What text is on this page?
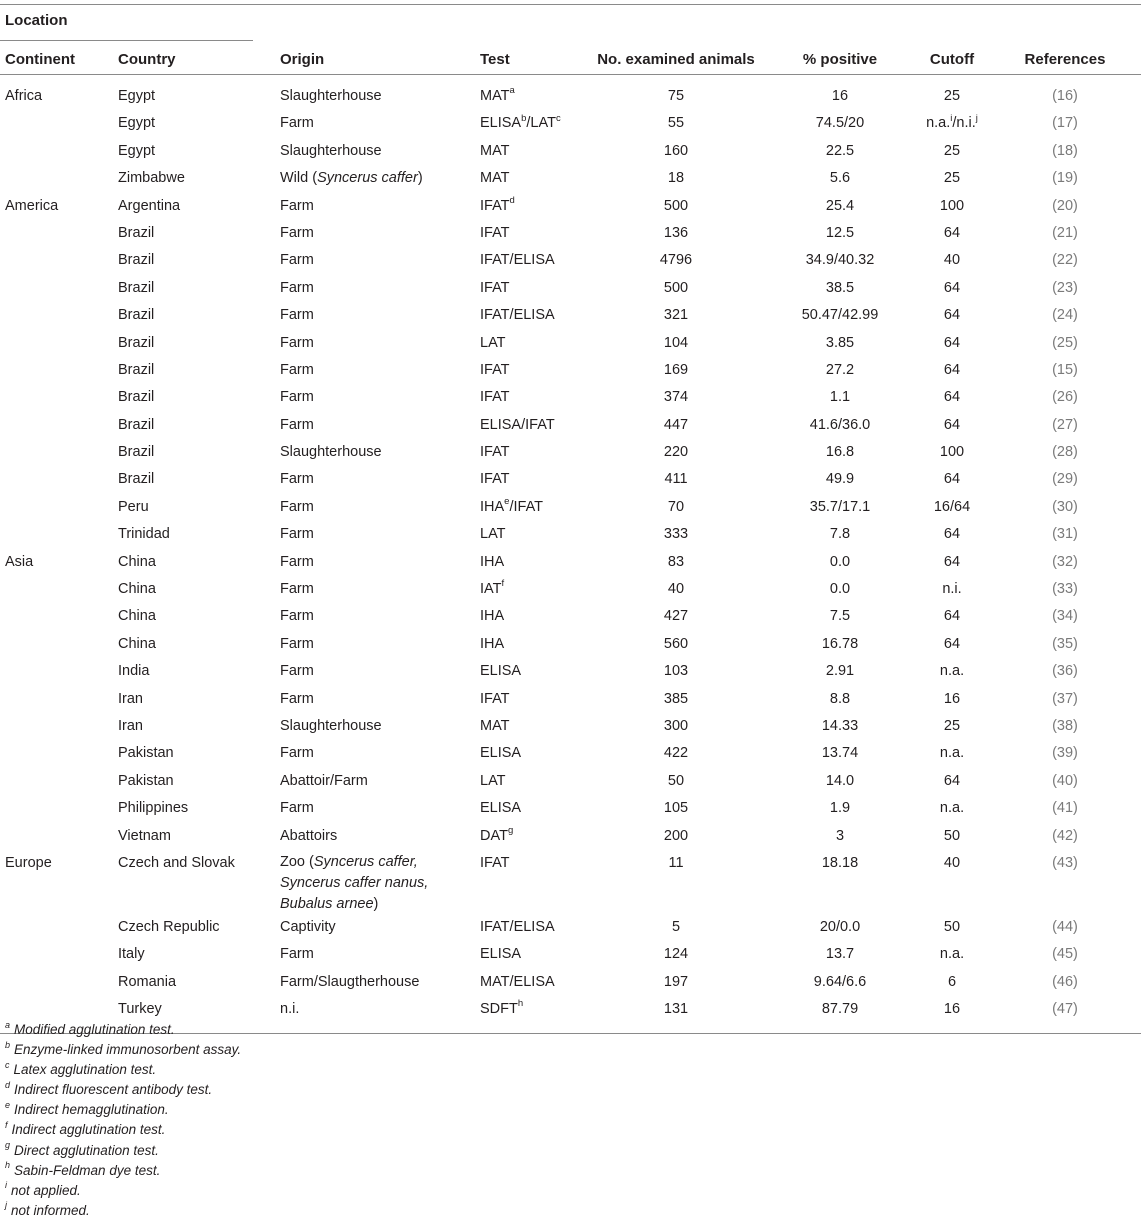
Location
Continent	Country	Origin	Test	No. examined animals	% positive	Cutoff	References
Africa	Egypt	Slaughterhouse	MAT$^a$	75	16	25	(16)
	Egypt	Farm	ELISA$^b$/LAT$^c$	55	74.5/20	n.a.$^i$/n.i.$^j$	(17)
	Egypt	Slaughterhouse	MAT	160	22.5	25	(18)
	Zimbabwe	Wild (Syncerus caffer)	MAT	18	5.6	25	(19)
America	Argentina	Farm	IFAT$^d$	500	25.4	100	(20)
	Brazil	Farm	IFAT	136	12.5	64	(21)
	Brazil	Farm	IFAT/ELISA	4796	34.9/40.32	40	(22)
	Brazil	Farm	IFAT	500	38.5	64	(23)
	Brazil	Farm	IFAT/ELISA	321	50.47/42.99	64	(24)
	Brazil	Farm	LAT	104	3.85	64	(25)
	Brazil	Farm	IFAT	169	27.2	64	(15)
	Brazil	Farm	IFAT	374	1.1	64	(26)
	Brazil	Farm	ELISA/IFAT	447	41.6/36.0	64	(27)
	Brazil	Slaughterhouse	IFAT	220	16.8	100	(28)
	Brazil	Farm	IFAT	411	49.9	64	(29)
	Peru	Farm	IHA$^e$/IFAT	70	35.7/17.1	16/64	(30)
	Trinidad	Farm	LAT	333	7.8	64	(31)
Asia	China	Farm	IHA	83	0.0	64	(32)
	China	Farm	IAT$^f$	40	0.0	n.i.	(33)
	China	Farm	IHA	427	7.5	64	(34)
	China	Farm	IHA	560	16.78	64	(35)
	India	Farm	ELISA	103	2.91	n.a.	(36)
	Iran	Farm	IFAT	385	8.8	16	(37)
	Iran	Slaughterhouse	MAT	300	14.33	25	(38)
	Pakistan	Farm	ELISA	422	13.74	n.a.	(39)
	Pakistan	Abattoir/Farm	LAT	50	14.0	64	(40)
	Philippines	Farm	ELISA	105	1.9	n.a.	(41)
	Vietnam	Abattoirs	DAT$^g$	200	3	50	(42)
Europe	Czech and Slovak	Zoo (Syncerus caffer, Syncerus caffer nanus, Bubalus arnee)	IFAT	11	18.18	40	(43)
	Czech Republic	Captivity	IFAT/ELISA	5	20/0.0	50	(44)
	Italy	Farm	ELISA	124	13.7	n.a.	(45)
	Romania	Farm/Slaugtherhouse	MAT/ELISA	197	9.64/6.6	6	(46)
	Turkey	n.i.	SDFT$^h$	131	87.79	16	(47)
$^a$ Modified agglutination test.
$^b$ Enzyme-linked immunosorbent assay.
$^c$ Latex agglutination test.
$^d$ Indirect fluorescent antibody test.
$^e$ Indirect hemagglutination.
$^f$ Indirect agglutination test.
$^g$ Direct agglutination test.
$^h$ Sabin-Feldman dye test.
$^i$ not applied.
$^j$ not informed.
